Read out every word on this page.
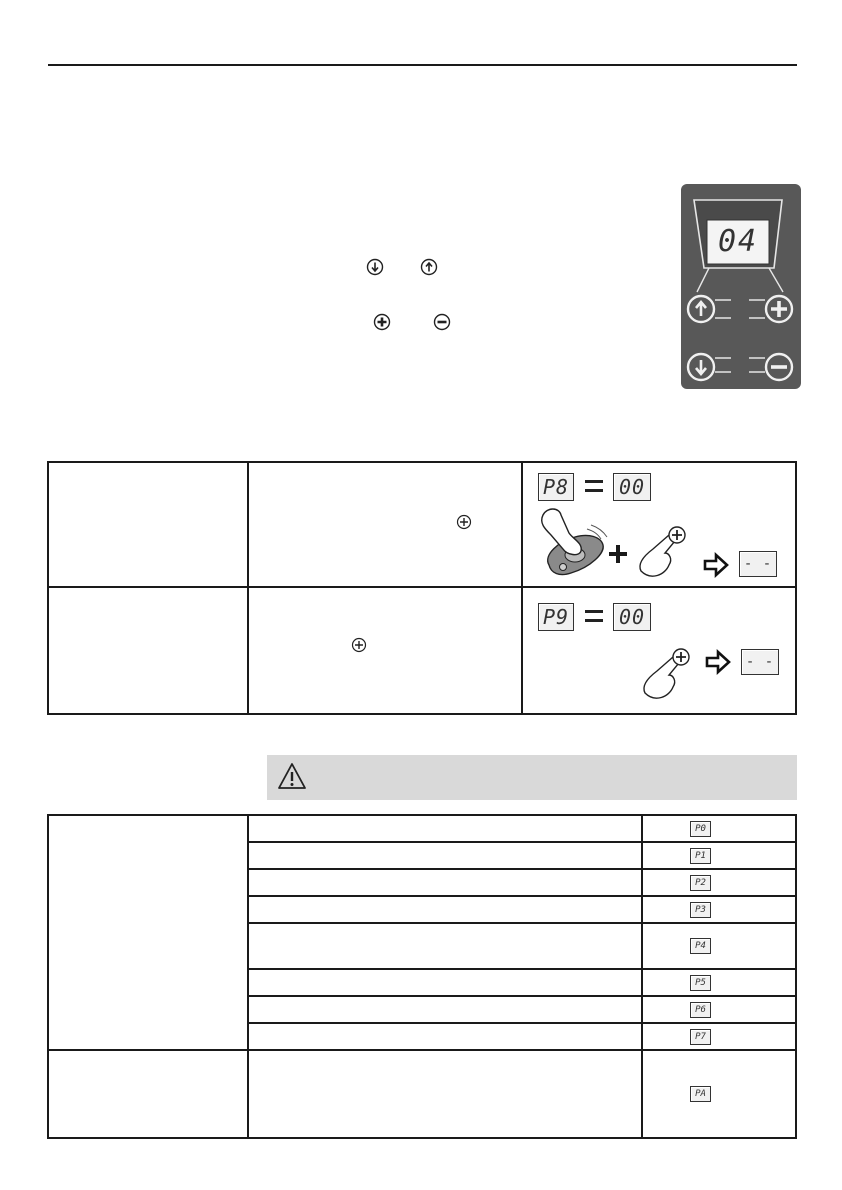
04
P8 00
- -
P9 00
- -
P0
P1
P2
P3
P4
P5
P6
P7
PA
